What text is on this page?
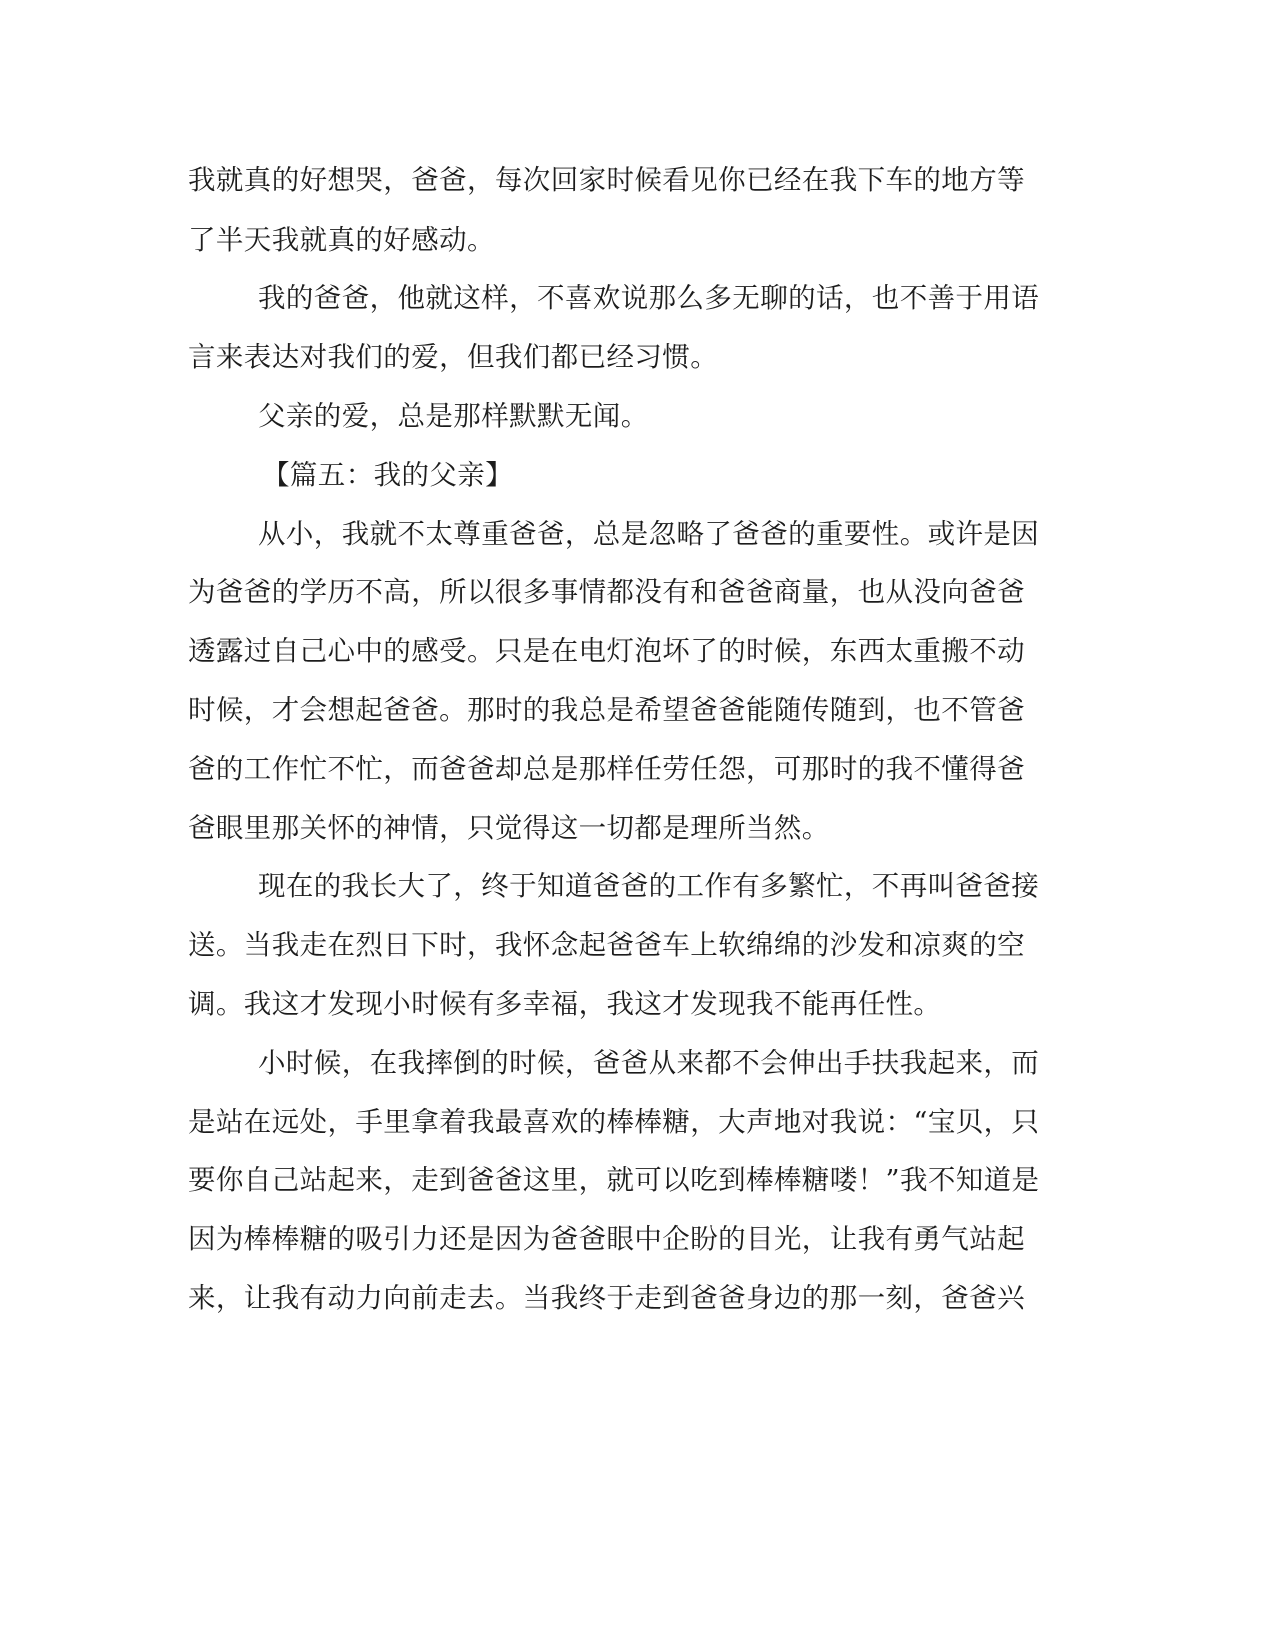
我就真的好想哭，爸爸，每次回家时候看见你已经在我下车的地方等
了半天我就真的好感动。
我的爸爸，他就这样，不喜欢说那么多无聊的话，也不善于用语
言来表达对我们的爱，但我们都已经习惯。
父亲的爱，总是那样默默无闻。
【篇五：我的父亲】
从小，我就不太尊重爸爸，总是忽略了爸爸的重要性。或许是因
为爸爸的学历不高，所以很多事情都没有和爸爸商量，也从没向爸爸
透露过自己心中的感受。只是在电灯泡坏了的时候，东西太重搬不动
时候，才会想起爸爸。那时的我总是希望爸爸能随传随到，也不管爸
爸的工作忙不忙，而爸爸却总是那样任劳任怨，可那时的我不懂得爸
爸眼里那关怀的神情，只觉得这一切都是理所当然。
现在的我长大了，终于知道爸爸的工作有多繁忙，不再叫爸爸接
送。当我走在烈日下时，我怀念起爸爸车上软绵绵的沙发和凉爽的空
调。我这才发现小时候有多幸福，我这才发现我不能再任性。
小时候，在我摔倒的时候，爸爸从来都不会伸出手扶我起来，而
是站在远处，手里拿着我最喜欢的棒棒糖，大声地对我说：“宝贝，只
要你自己站起来，走到爸爸这里，就可以吃到棒棒糖喽！”我不知道是
因为棒棒糖的吸引力还是因为爸爸眼中企盼的目光，让我有勇气站起
来，让我有动力向前走去。当我终于走到爸爸身边的那一刻，爸爸兴
